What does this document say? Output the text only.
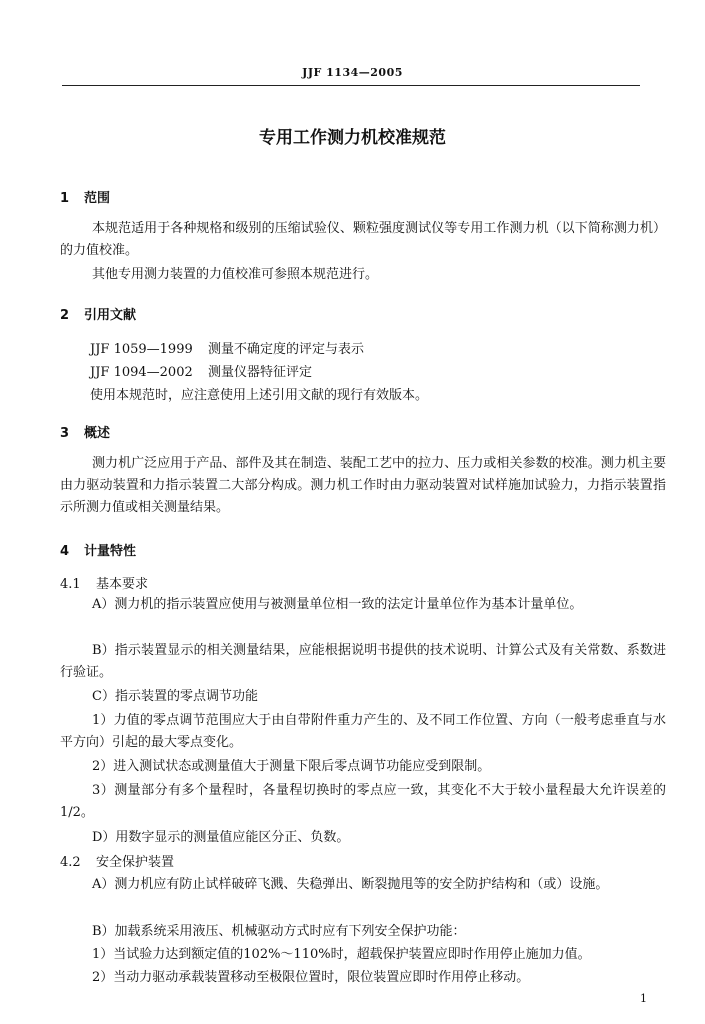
JJF 1134—2005
专用工作测力机校准规范
1 范围

本规范适用于各种规格和级别的压缩试验仪、颗粒强度测试仪等专用工作测力机（以下简称测力机）的力值校准。

其他专用测力装置的力值校准可参照本规范进行。

2 引用文献
JJF 1059—1999 测量不确定度的评定与表示
JJF 1094—2002 测量仪器特征评定
使用本规范时，应注意使用上述引用文献的现行有效版本。
3 概述

测力机广泛应用于产品、部件及其在制造、装配工艺中的拉力、压力或相关参数的校准。测力机主要由力驱动装置和力指示装置二大部分构成。测力机工作时由力驱动装置对试样施加试验力，力指示装置指示所测力值或相关测量结果。

4 计量特性
4.1 基本要求

A）测力机的指示装置应使用与被测量单位相一致的法定计量单位作为基本计量单位。

B）指示装置显示的相关测量结果，应能根据说明书提供的技术说明、计算公式及有关常数、系数进行验证。

C）指示装置的零点调节功能

1）力值的零点调节范围应大于由自带附件重力产生的、及不同工作位置、方向（一般考虑垂直与水平方向）引起的最大零点变化。

2）进入测试状态或测量值大于测量下限后零点调节功能应受到限制。

3）测量部分有多个量程时，各量程切换时的零点应一致，其变化不大于较小量程最大允许误差的1/2。

D）用数字显示的测量值应能区分正、负数。

4.2 安全保护装置

A）测力机应有防止试样破碎飞溅、失稳弹出、断裂抛甩等的安全防护结构和（或）设施。

B）加载系统采用液压、机械驱动方式时应有下列安全保护功能：

1）当试验力达到额定值的102%～110%时，超载保护装置应即时作用停止施加力值。

2）当动力驱动承载装置移动至极限位置时，限位装置应即时作用停止移动。

1
